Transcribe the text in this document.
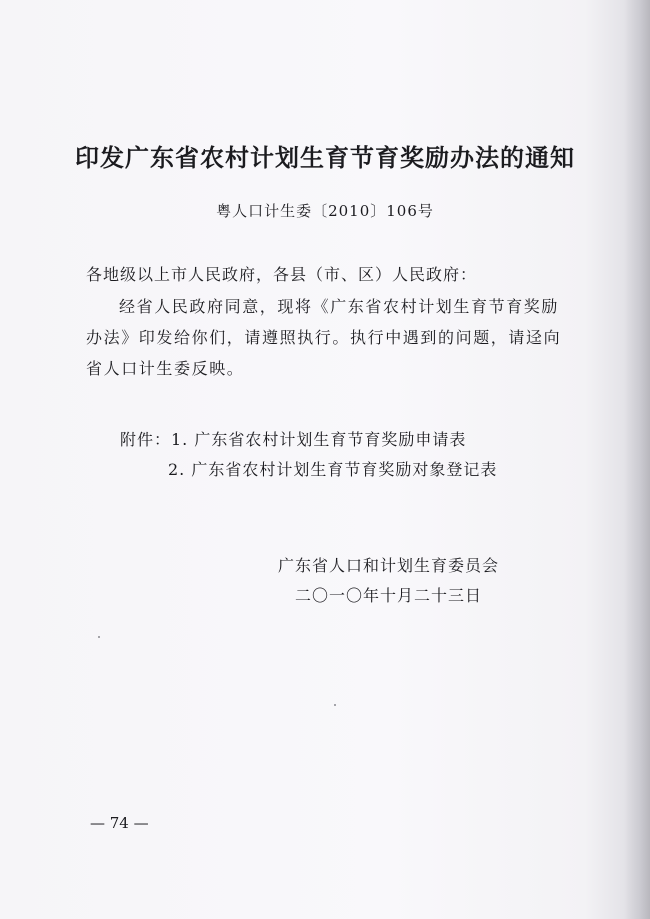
印发广东省农村计划生育节育奖励办法的通知
粤人口计生委〔2010〕106号
各地级以上市人民政府，各县（市、区）人民政府：
经省人民政府同意，现将《广东省农村计划生育节育奖励
办法》印发给你们，请遵照执行。执行中遇到的问题，请迳向
省人口计生委反映。
附件：1. 广东省农村计划生育节育奖励申请表
2. 广东省农村计划生育节育奖励对象登记表
广东省人口和计划生育委员会
二〇一〇年十月二十三日
— 74 —
